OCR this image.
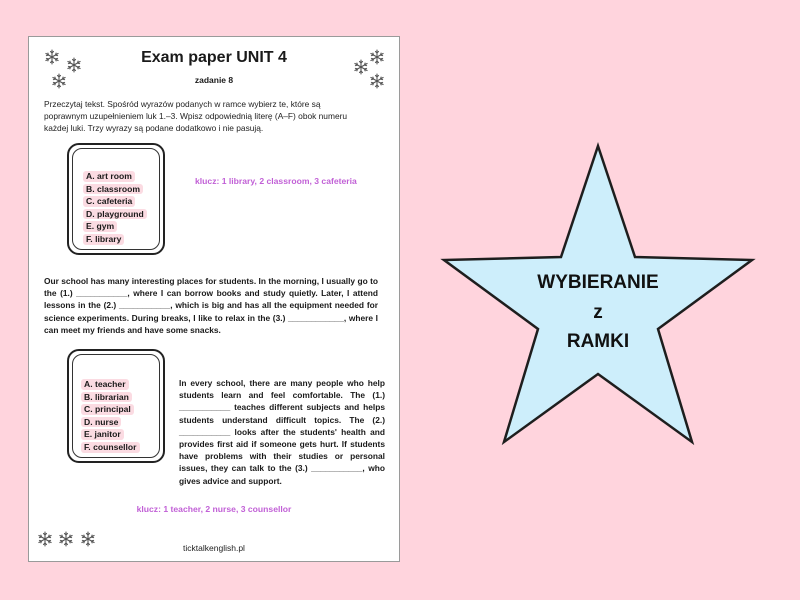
Exam paper UNIT 4
zadanie 8
Przeczytaj tekst. Spośród wyrazów podanych w ramce wybierz te, które są poprawnym uzupełnieniem luk 1.–3. Wpisz odpowiednią literę (A–F) obok numeru każdej luki. Trzy wyrazy są podane dodatkowo i nie pasują.
A. art room
B. classroom
C. cafeteria
D. playground
E. gym
F. library
klucz: 1 library, 2 classroom, 3 cafeteria
Our school has many interesting places for students. In the morning, I usually go to the (1.) ___________, where I can borrow books and study quietly. Later, I attend lessons in the (2.) ___________, which is big and has all the equipment needed for science experiments. During breaks, I like to relax in the (3.) ____________, where I can meet my friends and have some snacks.
A. teacher
B. librarian
C. principal
D. nurse
E. janitor
F. counsellor
In every school, there are many people who help students learn and feel comfortable. The (1.) ___________ teaches different subjects and helps students understand difficult topics. The (2.) ___________ looks after the students' health and provides first aid if someone gets hurt. If students have problems with their studies or personal issues, they can talk to the (3.) ___________, who gives advice and support.
klucz: 1 teacher, 2 nurse, 3 counsellor
ticktalkenglish.pl
WYBIERANIE
z
RAMKI
